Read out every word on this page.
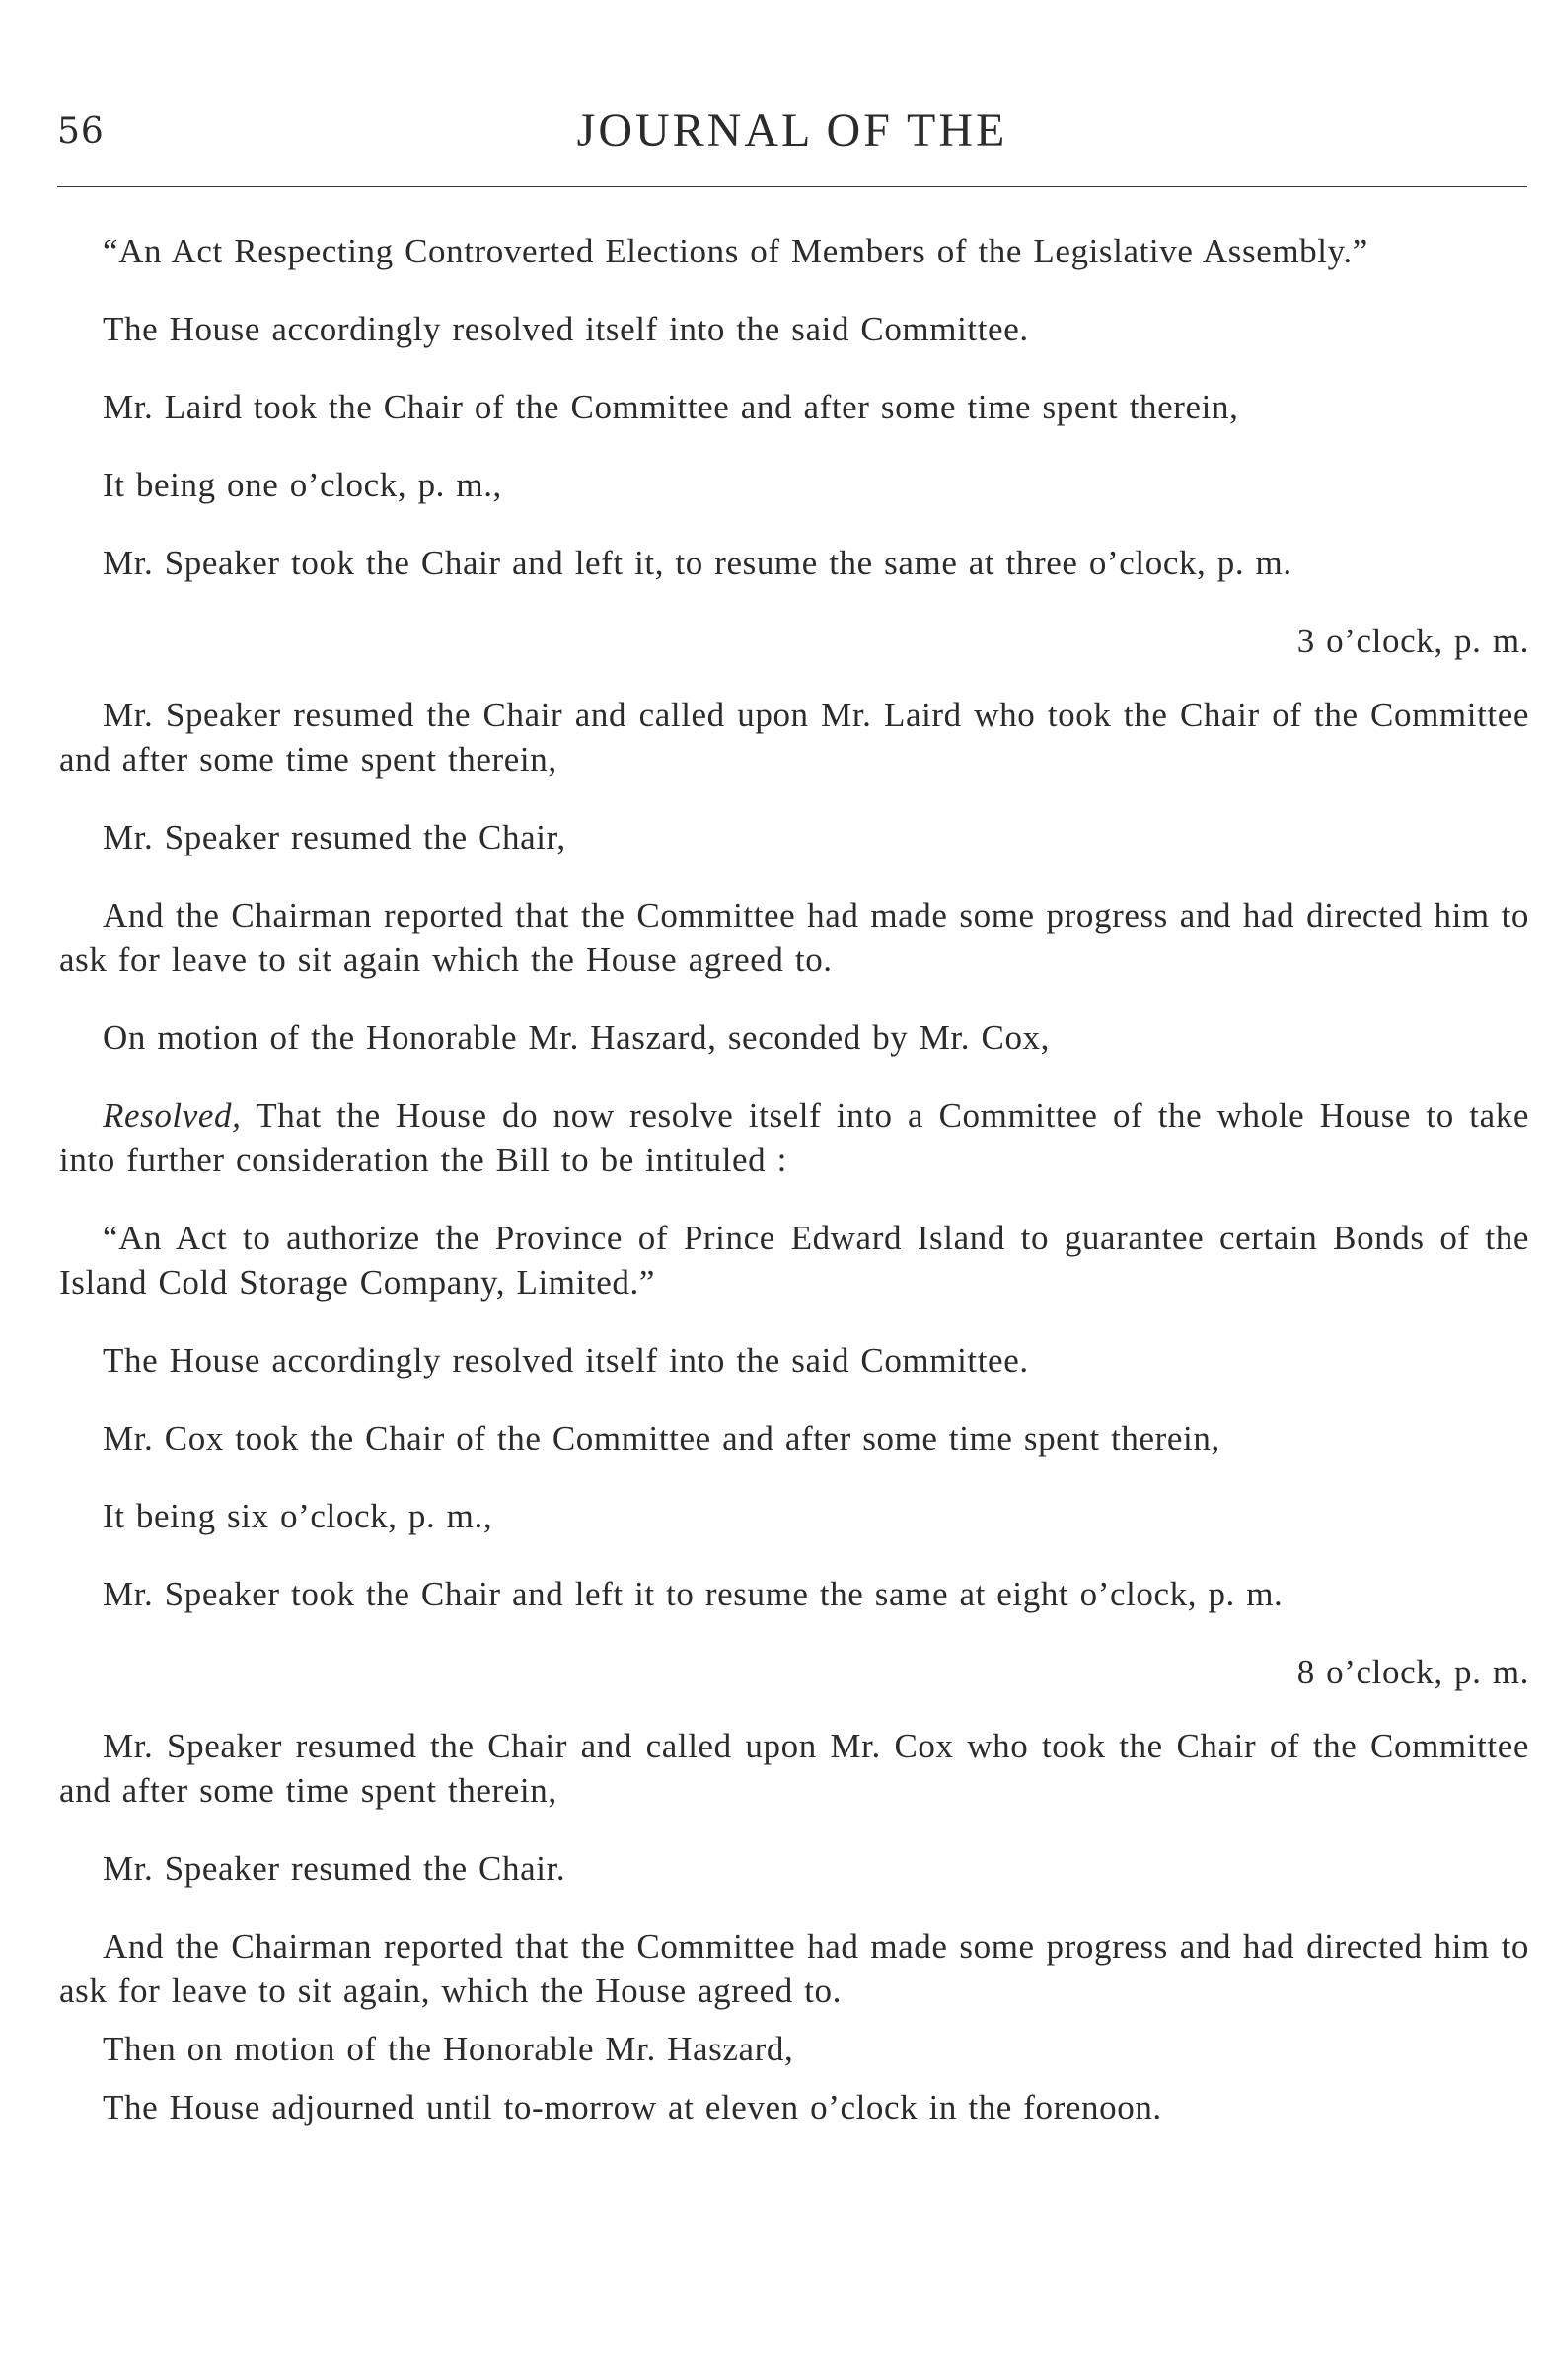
56	JOURNAL OF THE

“An Act Respecting Controverted Elections of Members of the Legislative Assembly.”

The House accordingly resolved itself into the said Committee.

Mr. Laird took the Chair of the Committee and after some time spent therein,

It being one o’clock, p. m.,

Mr. Speaker took the Chair and left it, to resume the same at three o’clock, p. m.

3 o’clock, p. m.

Mr. Speaker resumed the Chair and called upon Mr. Laird who took the Chair of the Committee and after some time spent therein,

Mr. Speaker resumed the Chair,

And the Chairman reported that the Committee had made some progress and had directed him to ask for leave to sit again which the House agreed to.

On motion of the Honorable Mr. Haszard, seconded by Mr. Cox,

Resolved, That the House do now resolve itself into a Committee of the whole House to take into further consideration the Bill to be intituled :

“An Act to authorize the Province of Prince Edward Island to guarantee certain Bonds of the Island Cold Storage Company, Limited.”

The House accordingly resolved itself into the said Committee.

Mr. Cox took the Chair of the Committee and after some time spent therein,

It being six o’clock, p. m.,

Mr. Speaker took the Chair and left it to resume the same at eight o’clock, p. m.

8 o’clock, p. m.

Mr. Speaker resumed the Chair and called upon Mr. Cox who took the Chair of the Committee and after some time spent therein,

Mr. Speaker resumed the Chair.

And the Chairman reported that the Committee had made some progress and had directed him to ask for leave to sit again, which the House agreed to.

Then on motion of the Honorable Mr. Haszard,

The House adjourned until to-morrow at eleven o’clock in the forenoon.
